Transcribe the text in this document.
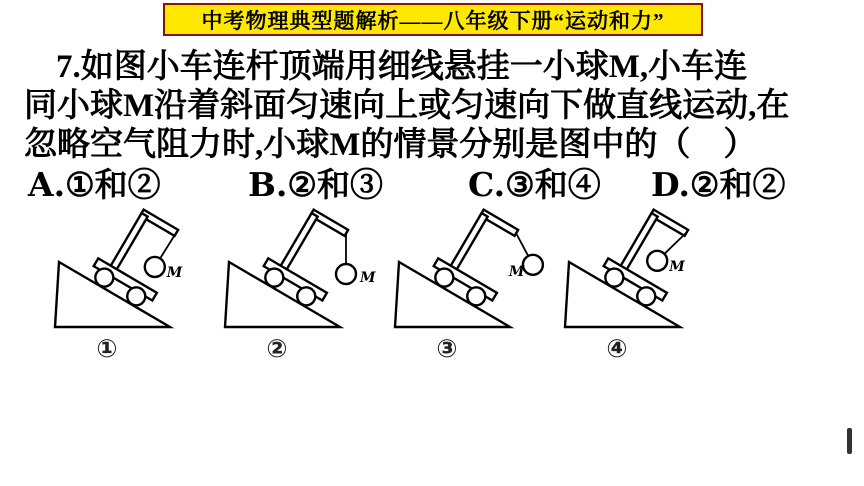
中考物理典型题解析——八年级下册“运动和力”
7.如图小车连杆顶端用细线悬挂一小球M,小车连
同小球M沿着斜面匀速向上或匀速向下做直线运动,在
忽略空气阻力时,小球M的情景分别是图中的（　）
A.①和②	B.②和③	C.③和④ D.②和②
M
①
M
②
M
③
M
④
